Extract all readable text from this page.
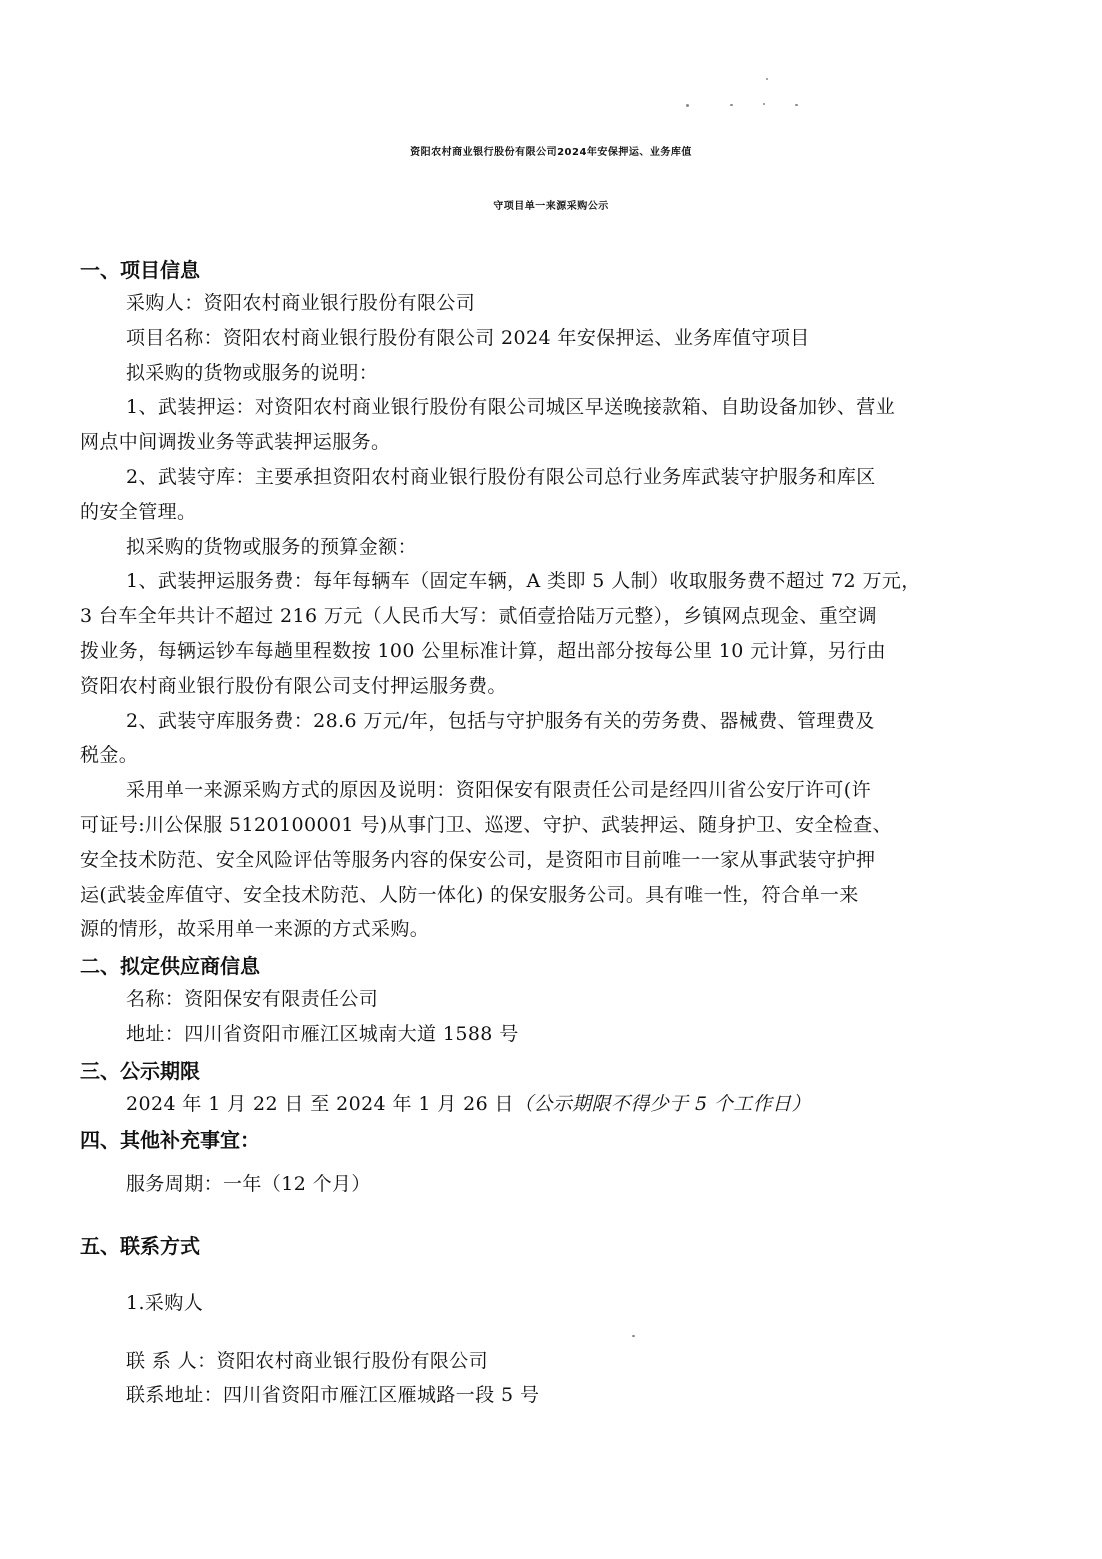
资阳农村商业银行股份有限公司2024年安保押运、业务库值
守项目单一来源采购公示
一、项目信息
采购人：资阳农村商业银行股份有限公司
项目名称：资阳农村商业银行股份有限公司 2024 年安保押运、业务库值守项目
拟采购的货物或服务的说明：
1、武装押运：对资阳农村商业银行股份有限公司城区早送晚接款箱、自助设备加钞、营业
网点中间调拨业务等武装押运服务。
2、武装守库：主要承担资阳农村商业银行股份有限公司总行业务库武装守护服务和库区
的安全管理。
拟采购的货物或服务的预算金额：
1、武装押运服务费：每年每辆车（固定车辆，A 类即 5 人制）收取服务费不超过 72 万元，
3 台车全年共计不超过 216 万元（人民币大写：贰佰壹拾陆万元整），乡镇网点现金、重空调
拨业务，每辆运钞车每趟里程数按 100 公里标准计算，超出部分按每公里 10 元计算，另行由
资阳农村商业银行股份有限公司支付押运服务费。
2、武装守库服务费：28.6 万元/年，包括与守护服务有关的劳务费、器械费、管理费及
税金。
采用单一来源采购方式的原因及说明：资阳保安有限责任公司是经四川省公安厅许可(许
可证号:川公保服 5120100001 号)从事门卫、巡逻、守护、武装押运、随身护卫、安全检查、
安全技术防范、安全风险评估等服务内容的保安公司，是资阳市目前唯一一家从事武装守护押
运(武装金库值守、安全技术防范、人防一体化) 的保安服务公司。具有唯一性，符合单一来
源的情形，故采用单一来源的方式采购。
二、拟定供应商信息
名称：资阳保安有限责任公司
地址：四川省资阳市雁江区城南大道 1588 号
三、公示期限
2024 年 1 月 22 日 至 2024 年 1 月 26 日（公示期限不得少于 5 个工作日）
四、其他补充事宜：
服务周期：一年（12 个月）
五、联系方式
1.采购人
联 系 人：资阳农村商业银行股份有限公司
联系地址：四川省资阳市雁江区雁城路一段 5 号
